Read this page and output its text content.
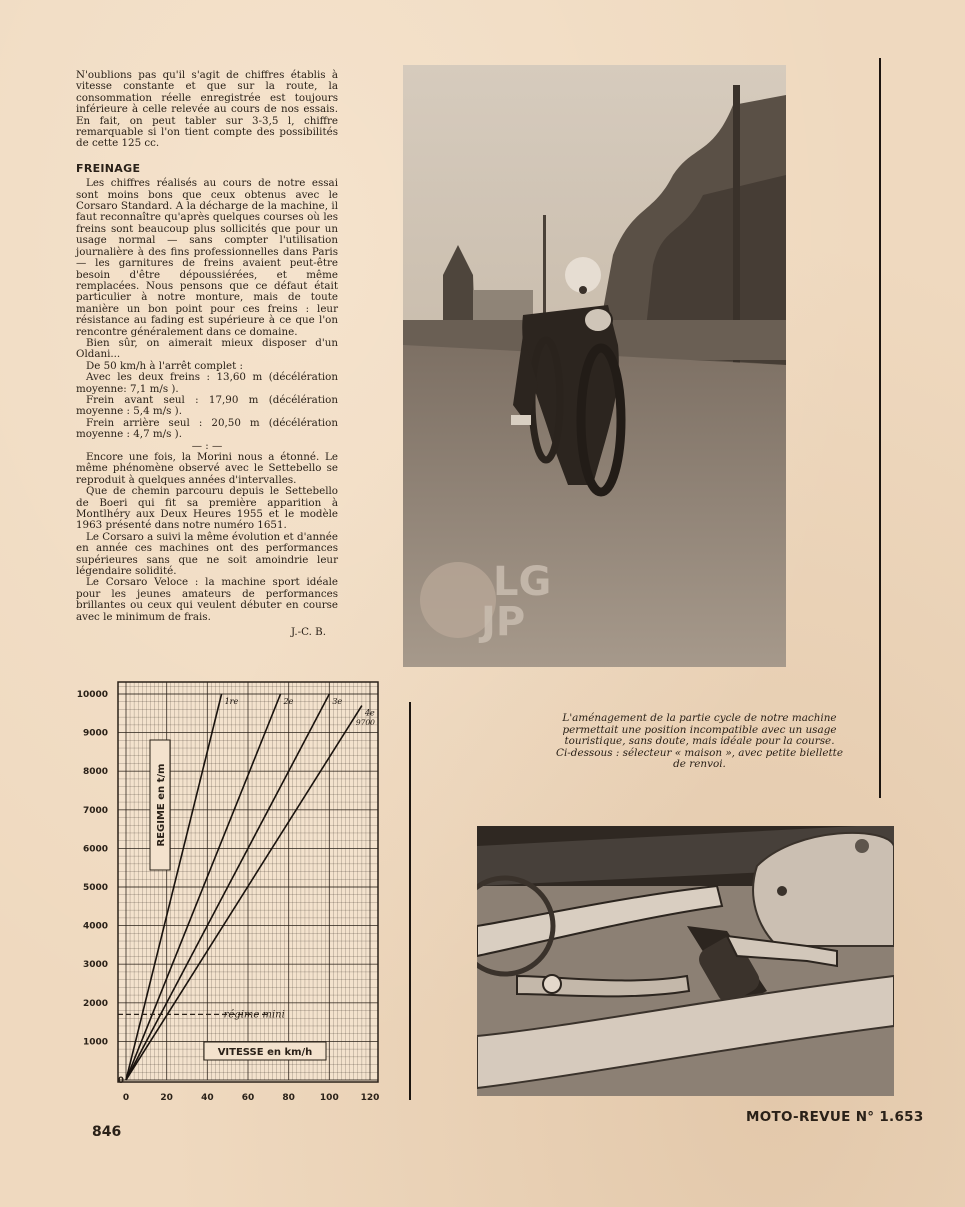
N'oublions pas qu'il s'agit de chiffres établis à vitesse constante et que sur la route, la consommation réelle enregistrée est toujours inférieure à celle relevée au cours de nos essais. En fait, on peut tabler sur 3-3,5 l, chiffre remarquable si l'on tient compte des possibilités de cette 125 cc.

FREINAGE

Les chiffres réalisés au cours de notre essai sont moins bons que ceux obtenus avec le Corsaro Standard. A la décharge de la machine, il faut reconnaître qu'après quelques courses où les freins sont beaucoup plus sollicités que pour un usage normal — sans compter l'utilisation journalière à des fins professionnelles dans Paris — les garnitures de freins avaient peut-être besoin d'être dépoussiérées, et même remplacées. Nous pensons que ce défaut était particulier à notre monture, mais de toute manière un bon point pour ces freins : leur résistance au fading est supérieure à ce que l'on rencontre généralement dans ce domaine.

Bien sûr, on aimerait mieux disposer d'un Oldani...

De 50 km/h à l'arrêt complet :

Avec les deux freins : 13,60 m (décélération moyenne: 7,1 m/s ).

Frein avant seul : 17,90 m (décélération moyenne : 5,4 m/s ).

Frein arrière seul : 20,50 m (décélération moyenne : 4,7 m/s ).

— : —

Encore une fois, la Morini nous a étonné. Le même phénomène observé avec le Settebello se reproduit à quelques années d'intervalles.

Que de chemin parcouru depuis le Settebello de Boeri qui fit sa première apparition à Montlhéry aux Deux Heures 1955 et le modèle 1963 présenté dans notre numéro 1651.

Le Corsaro a suivi la même évolution et d'année en année ces machines ont des performances supérieures sans que ne soit amoindrie leur légendaire solidité.

Le Corsaro Veloce : la machine sport idéale pour les jeunes amateurs de performances brillantes ou ceux qui veulent débuter en course avec le minimum de frais.

J.-C. B.

LG
JP

L'aménagement de la partie cycle de notre machine permettait une position incompatible avec un usage touristique, sans doute, mais idéale pour la course.

Ci-dessous : sélecteur « maison », avec petite biellette de renvoi.

1000
2000
3000
4000
5000
6000
7000
8000
9000
10000
0
0	20	40	60	80	100 120
1re	2e	3e
4e
REGIME en t/m
VITESSE en km/h
régime mini
9700
846
MOTO-REVUE N° 1.653
